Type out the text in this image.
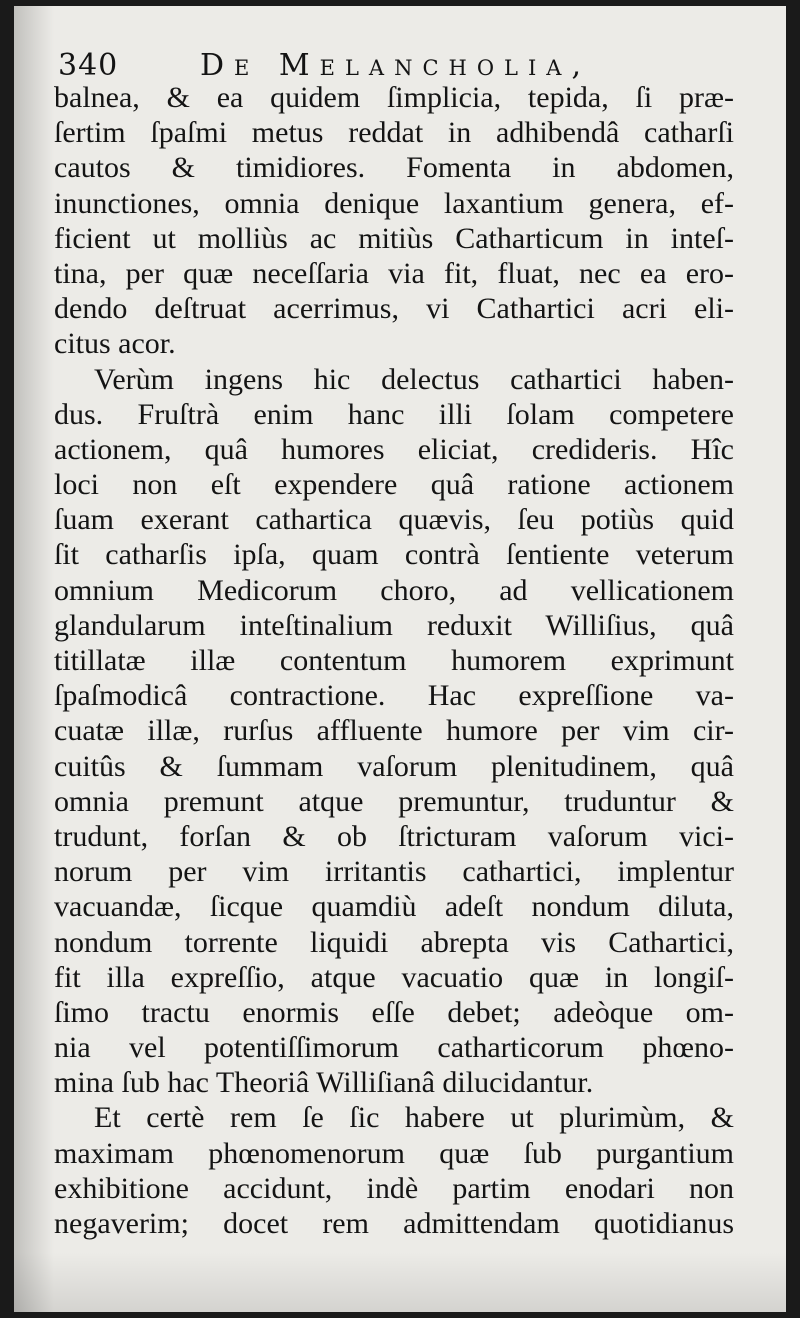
340	De Melancholia,
balnea, & ea quidem ſimplicia, tepida, ſi præ-
ſertim ſpaſmi metus reddat in adhibendâ catharſi
cautos & timidiores. Fomenta in abdomen,
inunctiones, omnia denique laxantium genera, ef-
ficient ut molliùs ac mitiùs Catharticum in inteſ-
tina, per quæ neceſſaria via fit, fluat, nec ea ero-
dendo deſtruat acerrimus, vi Cathartici acri eli-
citus acor.
Verùm ingens hic delectus cathartici haben-
dus. Fruſtrà enim hanc illi ſolam competere
actionem, quâ humores eliciat, credideris. Hîc
loci non eſt expendere quâ ratione actionem
ſuam exerant cathartica quævis, ſeu potiùs quid
ſit catharſis ipſa, quam contrà ſentiente veterum
omnium Medicorum choro, ad vellicationem
glandularum inteſtinalium reduxit Williſius, quâ
titillatæ illæ contentum humorem exprimunt
ſpaſmodicâ contractione. Hac expreſſione va-
cuatæ illæ, rurſus affluente humore per vim cir-
cuitûs & ſummam vaſorum plenitudinem, quâ
omnia premunt atque premuntur, truduntur &
trudunt, forſan & ob ſtricturam vaſorum vici-
norum per vim irritantis cathartici, implentur
vacuandæ, ſicque quamdiù adeſt nondum diluta,
nondum torrente liquidi abrepta vis Cathartici,
fit illa expreſſio, atque vacuatio quæ in longiſ-
ſimo tractu enormis eſſe debet; adeòque om-
nia vel potentiſſimorum catharticorum phœno-
mina ſub hac Theoriâ Williſianâ dilucidantur.
Et certè rem ſe ſic habere ut plurimùm, &
maximam phœnomenorum quæ ſub purgantium
exhibitione accidunt, indè partim enodari non
negaverim; docet rem admittendam quotidianus
